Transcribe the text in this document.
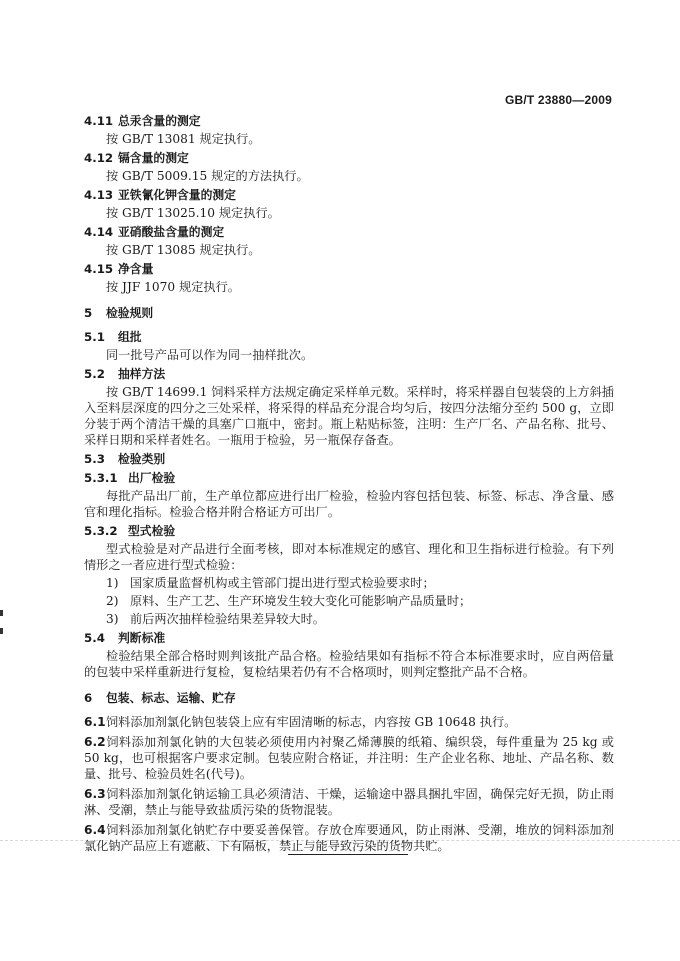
GB/T 23880—2009
4.11 总汞含量的测定
按 GB/T 13081 规定执行。
4.12 镉含量的测定
按 GB/T 5009.15 规定的方法执行。
4.13 亚铁氰化钾含量的测定
按 GB/T 13025.10 规定执行。
4.14 亚硝酸盐含量的测定
按 GB/T 13085 规定执行。
4.15 净含量
按 JJF 1070 规定执行。
5 检验规则
5.1 组批
同一批号产品可以作为同一抽样批次。
5.2 抽样方法
按 GB/T 14699.1 饲料采样方法规定确定采样单元数。采样时，将采样器自包装袋的上方斜插入至料层深度的四分之三处采样，将采得的样品充分混合均匀后，按四分法缩分至约 500 g，立即分装于两个清洁干燥的具塞广口瓶中，密封。瓶上粘贴标签，注明：生产厂名、产品名称、批号、采样日期和采样者姓名。一瓶用于检验，另一瓶保存备查。
5.3 检验类别
5.3.1 出厂检验
每批产品出厂前，生产单位都应进行出厂检验，检验内容包括包装、标签、标志、净含量、感官和理化指标。检验合格并附合格证方可出厂。
5.3.2 型式检验
型式检验是对产品进行全面考核，即对本标准规定的感官、理化和卫生指标进行检验。有下列情形之一者应进行型式检验：
1) 国家质量监督机构或主管部门提出进行型式检验要求时；
2) 原料、生产工艺、生产环境发生较大变化可能影响产品质量时；
3) 前后两次抽样检验结果差异较大时。
5.4 判断标准
检验结果全部合格时则判该批产品合格。检验结果如有指标不符合本标准要求时，应自两倍量的包装中采样重新进行复检，复检结果若仍有不合格项时，则判定整批产品不合格。
6 包装、标志、运输、贮存
6.1饲料添加剂氯化钠包装袋上应有牢固清晰的标志，内容按 GB 10648 执行。
6.2饲料添加剂氯化钠的大包装必须使用内衬聚乙烯薄膜的纸箱、编织袋，每件重量为 25 kg 或 50 kg，也可根据客户要求定制。包装应附合格证，并注明：生产企业名称、地址、产品名称、数量、批号、检验员姓名(代号)。
6.3饲料添加剂氯化钠运输工具必须清洁、干燥，运输途中器具捆扎牢固，确保完好无损，防止雨淋、受潮，禁止与能导致盐质污染的货物混装。
6.4饲料添加剂氯化钠贮存中要妥善保管。存放仓库要通风，防止雨淋、受潮，堆放的饲料添加剂氯化钠产品应上有遮蔽、下有隔板，禁止与能导致污染的货物共贮。
